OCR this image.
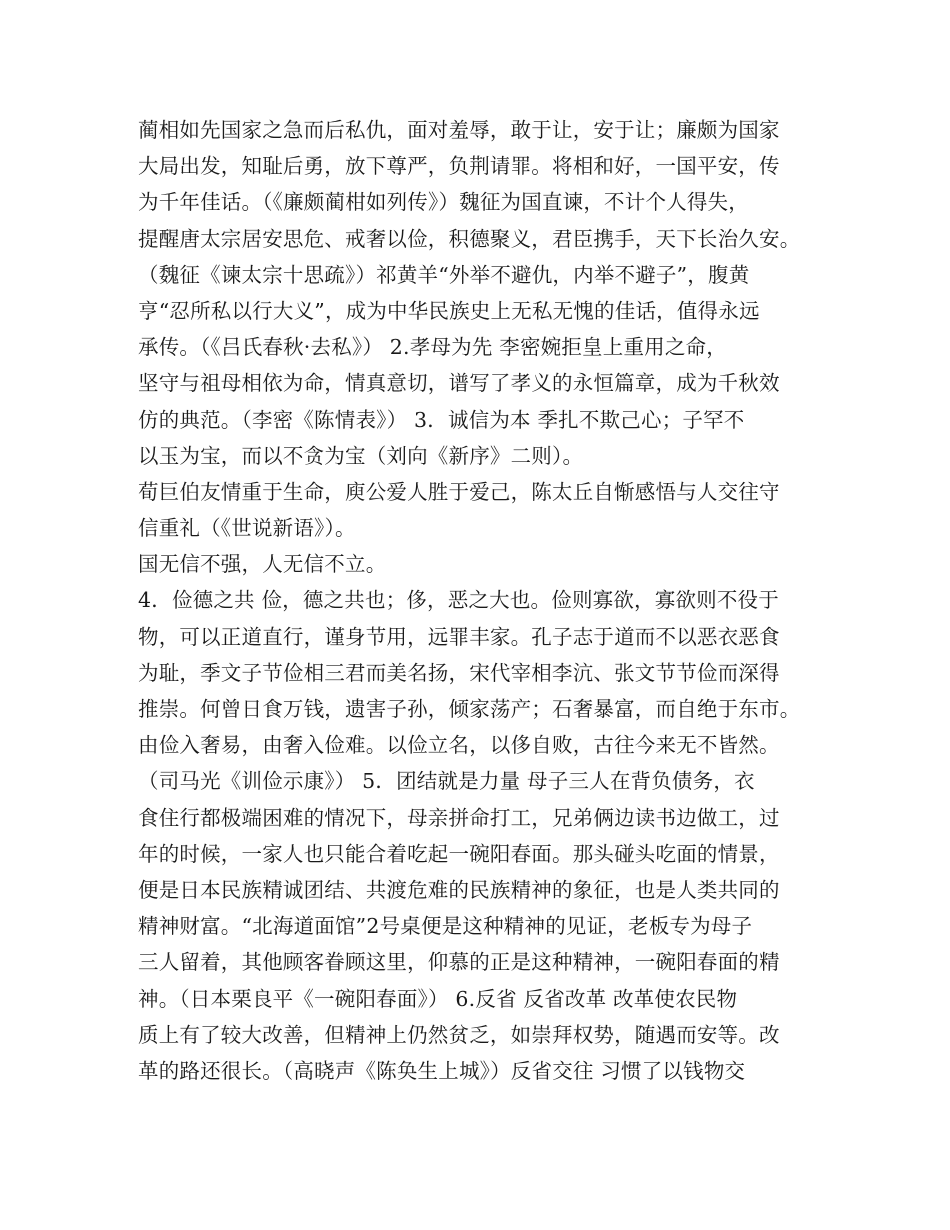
蔺相如先国家之急而后私仇，面对羞辱，敢于让，安于让；廉颇为国家
大局出发，知耻后勇，放下尊严，负荆请罪。将相和好，一国平安，传
为千年佳话。（《廉颇蔺柑如列传》）魏征为国直谏，不计个人得失，
提醒唐太宗居安思危、戒奢以俭，积德聚义，君臣携手，天下长治久安。
（魏征《谏太宗十思疏》）祁黄羊“外举不避仇，内举不避子”，腹黄
亨“忍所私以行大义”，成为中华民族史上无私无愧的佳话，值得永远
承传。（《吕氏春秋·去私》） 2.孝母为先 李密婉拒皇上重用之命，
坚守与祖母相依为命，情真意切，谱写了孝义的永恒篇章，成为千秋效
仿的典范。（李密《陈情表》） 3．诚信为本 季扎不欺己心；子罕不
以玉为宝，而以不贪为宝（刘向《新序》二则）。
荀巨伯友情重于生命，庾公爱人胜于爱己，陈太丘自惭感悟与人交往守
信重礼（《世说新语》）。
国无信不强，人无信不立。
4．俭德之共 俭，德之共也；侈，恶之大也。俭则寡欲，寡欲则不役于
物，可以正道直行，谨身节用，远罪丰家。孔子志于道而不以恶衣恶食
为耻，季文子节俭相三君而美名扬，宋代宰相李沆、张文节节俭而深得
推崇。何曾日食万钱，遗害子孙，倾家荡产；石奢暴富，而自绝于东市。
由俭入奢易，由奢入俭难。以俭立名，以侈自败，古往今来无不皆然。
（司马光《训俭示康》） 5．团结就是力量 母子三人在背负债务，衣
食住行都极端困难的情况下，母亲拼命打工，兄弟俩边读书边做工，过
年的时候，一家人也只能合着吃起一碗阳春面。那头碰头吃面的情景，
便是日本民族精诚团结、共渡危难的民族精神的象征，也是人类共同的
精神财富。“北海道面馆”2号桌便是这种精神的见证，老板专为母子
三人留着，其他顾客眷顾这里，仰慕的正是这种精神，一碗阳春面的精
神。（日本栗良平《一碗阳春面》） 6.反省 反省改革 改革使农民物
质上有了较大改善，但精神上仍然贫乏，如崇拜权势，随遇而安等。改
革的路还很长。（高晓声《陈奂生上城》）反省交往 习惯了以钱物交
